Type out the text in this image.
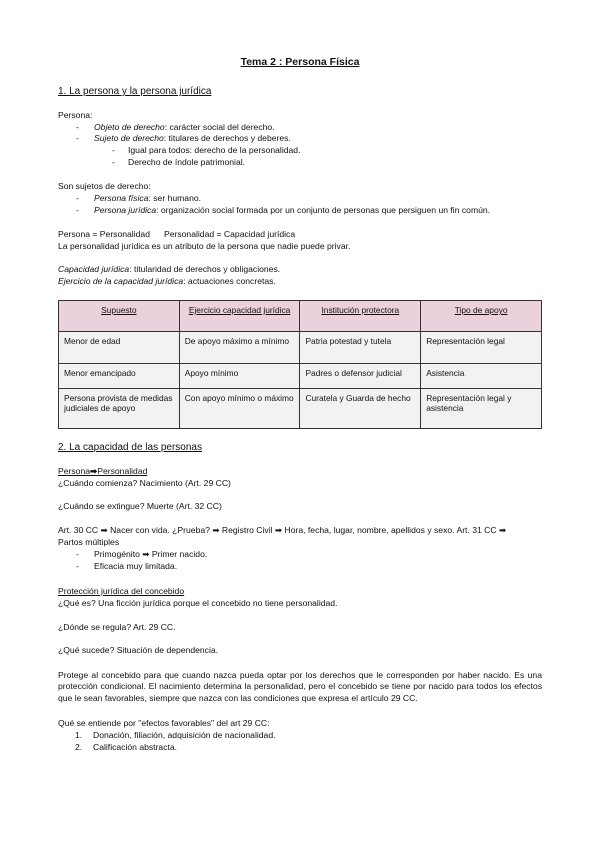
Tema 2 : Persona Física
1. La persona y la persona jurídica
Persona:
- Objeto de derecho: carácter social del derecho.
- Sujeto de derecho: titulares de derechos y deberes.
- Igual para todos: derecho de la personalidad.
- Derecho de índole patrimonial.
Son sujetos de derecho:
- Persona física: ser humano.
- Persona jurídica: organización social formada por un conjunto de personas que persiguen un fin común.
Persona = Personalidad Personalidad = Capacidad jurídica
La personalidad jurídica es un atributo de la persona que nadie puede privar.
Capacidad jurídica: titularidad de derechos y obligaciones.
Ejercicio de la capacidad jurídica: actuaciones concretas.
Supuesto	Ejercicio capacidad jurídica	Institución protectora	Tipo de apoyo
Menor de edad	De apoyo máximo a mínimo	Patria potestad y tutela	Representación legal
Menor emancipado	Apoyo mínimo	Padres o defensor judicial	Asistencia
Persona provista de medidas judiciales de apoyo	Con apoyo mínimo o máximo	Curatela y Guarda de hecho	Representación legal y asistencia
2. La capacidad de las personas
Persona➡Personalidad
¿Cuándo comienza? Nacimiento (Art. 29 CC)
¿Cuándo se extingue? Muerte (Art. 32 CC)
Art. 30 CC ➡ Nacer con vida. ¿Prueba? ➡ Registro Civil ➡ Hora, fecha, lugar, nombre, apellidos y sexo. Art. 31 CC ➡
Partos múltiples
- Primogénito ➡ Primer nacido.
- Eficacia muy limitada.
Protección jurídica del concebido
¿Qué es? Una ficción jurídica porque el concebido no tiene personalidad.
¿Dónde se regula? Art. 29 CC.
¿Qué sucede? Situación de dependencia.
Protege al concebido para que cuando nazca pueda optar por los derechos que le corresponden por haber nacido. Es una protección condicional. El nacimiento determina la personalidad, pero el concebido se tiene por nacido para todos los efectos que le sean favorables, siempre que nazca con las condiciones que expresa el artículo 29 CC.
Qué se entiende por "efectos favorables" del art 29 CC:
1. Donación, filiación, adquisición de nacionalidad.
2. Calificación abstracta.
